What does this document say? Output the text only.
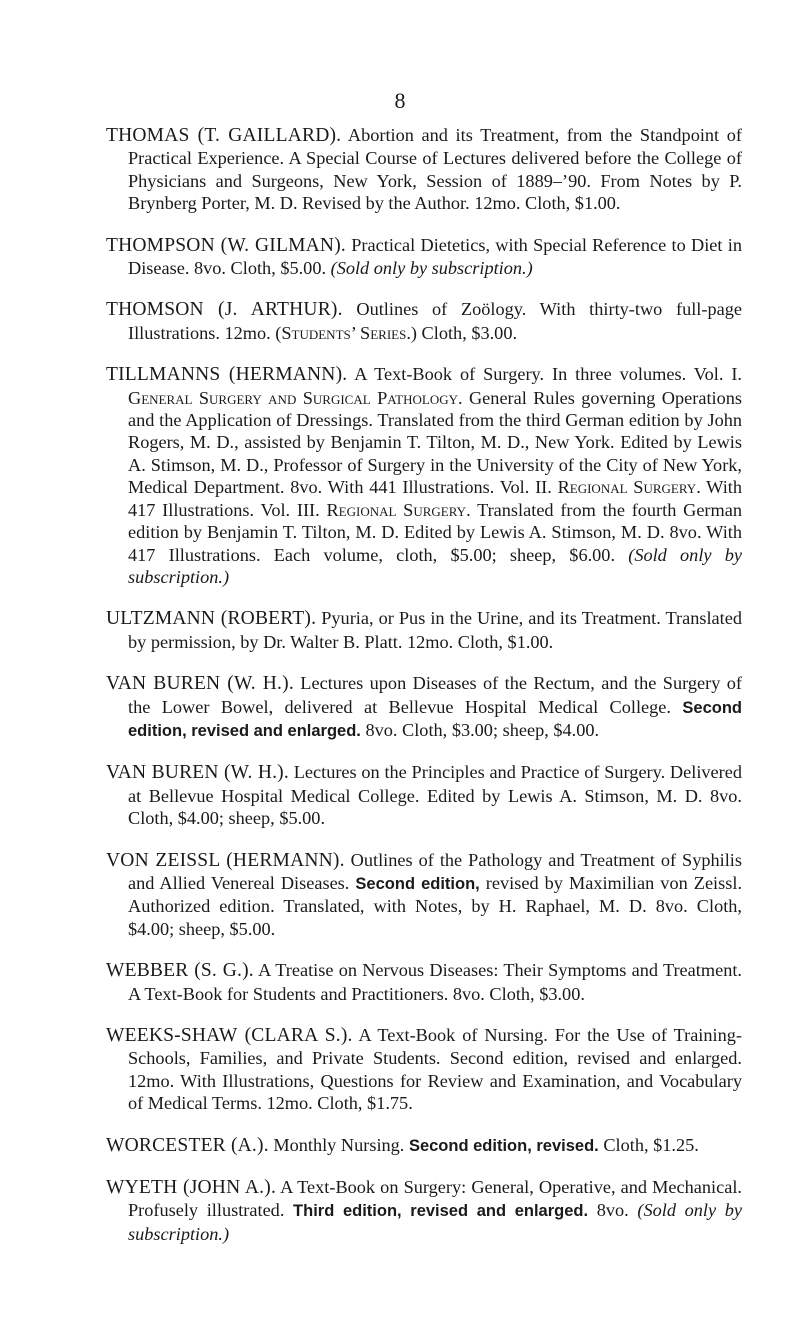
8

THOMAS (T. GAILLARD). Abortion and its Treatment, from the Standpoint of Practical Experience. A Special Course of Lectures delivered before the College of Physicians and Surgeons, New York, Session of 1889–’90. From Notes by P. Brynberg Porter, M. D. Revised by the Author. 12mo. Cloth, $1.00.

THOMPSON (W. GILMAN). Practical Dietetics, with Special Reference to Diet in Disease. 8vo. Cloth, $5.00. (Sold only by subscription.)

THOMSON (J. ARTHUR). Outlines of Zoölogy. With thirty-two full-page Illustrations. 12mo. (Students’ Series.) Cloth, $3.00.

TILLMANNS (HERMANN). A Text-Book of Surgery. In three volumes. Vol. I. General Surgery and Surgical Pathology. General Rules governing Operations and the Application of Dressings. Translated from the third German edition by John Rogers, M. D., assisted by Benjamin T. Tilton, M. D., New York. Edited by Lewis A. Stimson, M. D., Professor of Surgery in the University of the City of New York, Medical Department. 8vo. With 441 Illustrations. Vol. II. Regional Surgery. With 417 Illustrations. Vol. III. Regional Surgery. Translated from the fourth German edition by Benjamin T. Tilton, M. D. Edited by Lewis A. Stimson, M. D. 8vo. With 417 Illustrations. Each volume, cloth, $5.00; sheep, $6.00. (Sold only by subscription.)

ULTZMANN (ROBERT). Pyuria, or Pus in the Urine, and its Treatment. Translated by permission, by Dr. Walter B. Platt. 12mo. Cloth, $1.00.

VAN BUREN (W. H.). Lectures upon Diseases of the Rectum, and the Surgery of the Lower Bowel, delivered at Bellevue Hospital Medical College. Second edition, revised and enlarged. 8vo. Cloth, $3.00; sheep, $4.00.

VAN BUREN (W. H.). Lectures on the Principles and Practice of Surgery. Delivered at Bellevue Hospital Medical College. Edited by Lewis A. Stimson, M. D. 8vo. Cloth, $4.00; sheep, $5.00.

VON ZEISSL (HERMANN). Outlines of the Pathology and Treatment of Syphilis and Allied Venereal Diseases. Second edition, revised by Maximilian von Zeissl. Authorized edition. Translated, with Notes, by H. Raphael, M. D. 8vo. Cloth, $4.00; sheep, $5.00.

WEBBER (S. G.). A Treatise on Nervous Diseases: Their Symptoms and Treatment. A Text-Book for Students and Practitioners. 8vo. Cloth, $3.00.

WEEKS-SHAW (CLARA S.). A Text-Book of Nursing. For the Use of Training-Schools, Families, and Private Students. Second edition, revised and enlarged. 12mo. With Illustrations, Questions for Review and Examination, and Vocabulary of Medical Terms. 12mo. Cloth, $1.75.

WORCESTER (A.). Monthly Nursing. Second edition, revised. Cloth, $1.25.

WYETH (JOHN A.). A Text-Book on Surgery: General, Operative, and Mechanical. Profusely illustrated. Third edition, revised and enlarged. 8vo. (Sold only by subscription.)
